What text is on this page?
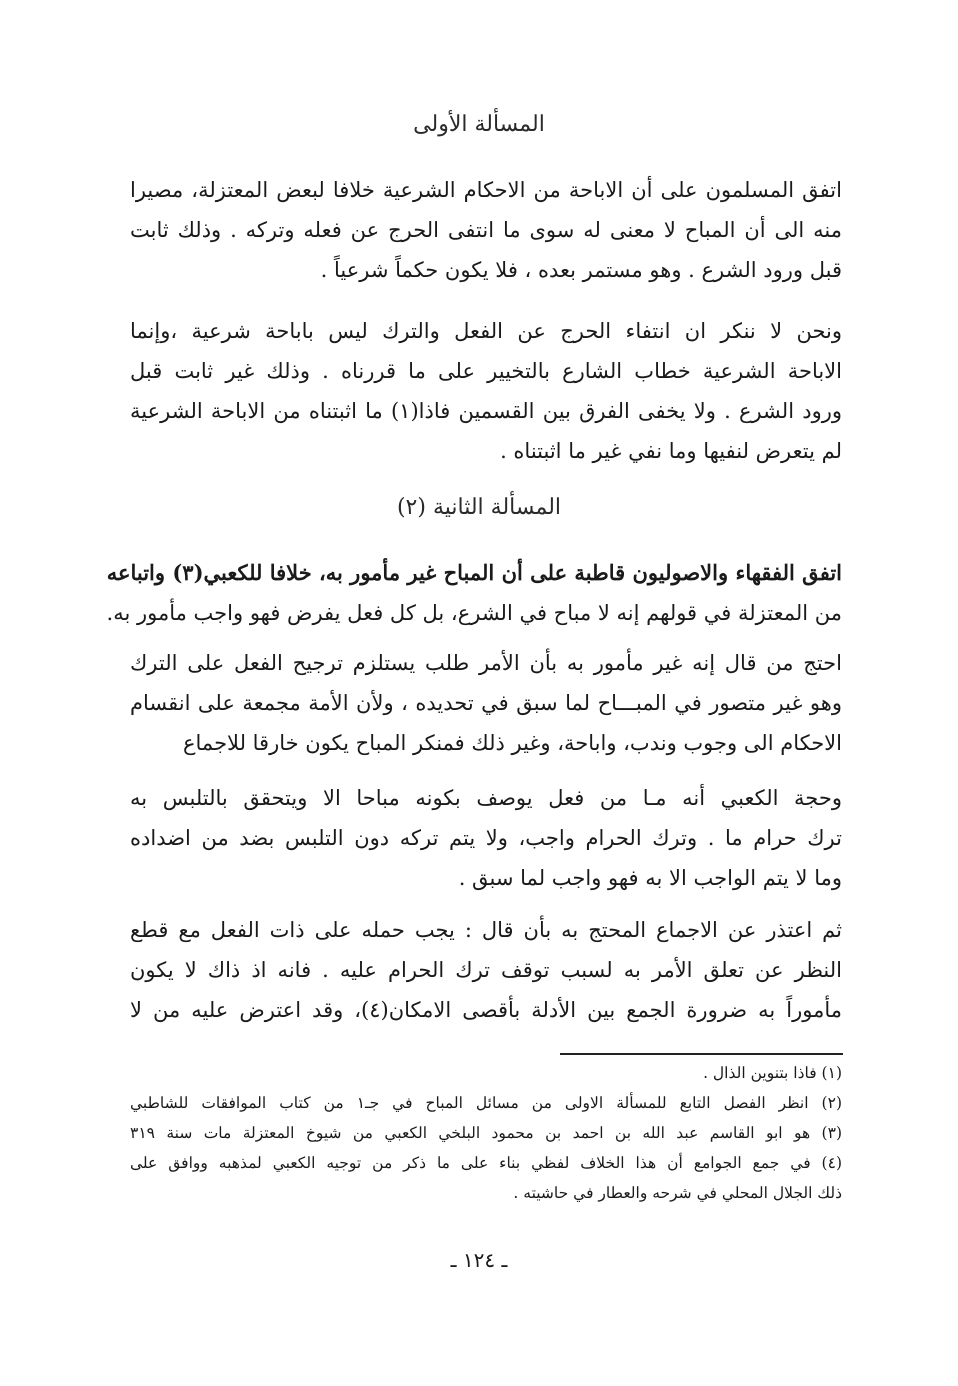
المسألة الأولى
اتفق المسلمون على أن الاباحة من الاحكام الشرعية خلافا لبعض المعتزلة، مصيرا
منه الى أن المباح لا معنى له سوى ما انتفى الحرج عن فعله وتركه . وذلك ثابت
قبل ورود الشرع . وهو مستمر بعده ، فلا يكون حكماً شرعياً .
ونحن لا ننكر ان انتفاء الحرج عن الفعل والترك ليس باباحة شرعية ،وإنما
الاباحة الشرعية خطاب الشارع بالتخيير على ما قررناه . وذلك غير ثابت قبل
ورود الشرع . ولا يخفى الفرق بين القسمين فاذا(١) ما اثبتناه من الاباحة الشرعية
لم يتعرض لنفيها وما نفي غير ما اثبتناه .
المسألة الثانية (٢)
اتفق الفقهاء والاصوليون قاطبة على أن المباح غير مأمور به، خلافا للكعبي(٣) واتباعه
من المعتزلة في قولهم إنه لا مباح في الشرع، بل كل فعل يفرض فهو واجب مأمور به.
احتج من قال إنه غير مأمور به بأن الأمر طلب يستلزم ترجيح الفعل على الترك
وهو غير متصور في المبـــاح لما سبق في تحديده ، ولأن الأمة مجمعة على انقسام
الاحكام الى وجوب وندب، واباحة، وغير ذلك فمنكر المباح يكون خارقا للاجماع
وحجة الكعبي أنه مـا من فعل يوصف بكونه مباحا الا ويتحقق بالتلبس به
ترك حرام ما . وترك الحرام واجب، ولا يتم تركه دون التلبس بضد من اضداده
وما لا يتم الواجب الا به فهو واجب لما سبق .
ثم اعتذر عن الاجماع المحتج به بأن قال : يجب حمله على ذات الفعل مع قطع
النظر عن تعلق الأمر به لسبب توقف ترك الحرام عليه . فانه اذ ذاك لا يكون
مأموراً به ضرورة الجمع بين الأدلة بأقصى الامكان(٤)، وقد اعترض عليه من لا
(١) فاذا بتنوين الذال .
(٢) انظر الفصل التابع للمسألة الاولى من مسائل المباح في جـ١ من كتاب الموافقات للشاطبي
(٣) هو ابو القاسم عبد الله بن احمد بن محمود البلخي الكعبي من شيوخ المعتزلة مات سنة ٣١٩
(٤) في جمع الجوامع أن هذا الخلاف لفظي بناء على ما ذكر من توجيه الكعبي لمذهبه ووافق على
ذلك الجلال المحلي في شرحه والعطار في حاشيته .
ـ ١٢٤ ـ
